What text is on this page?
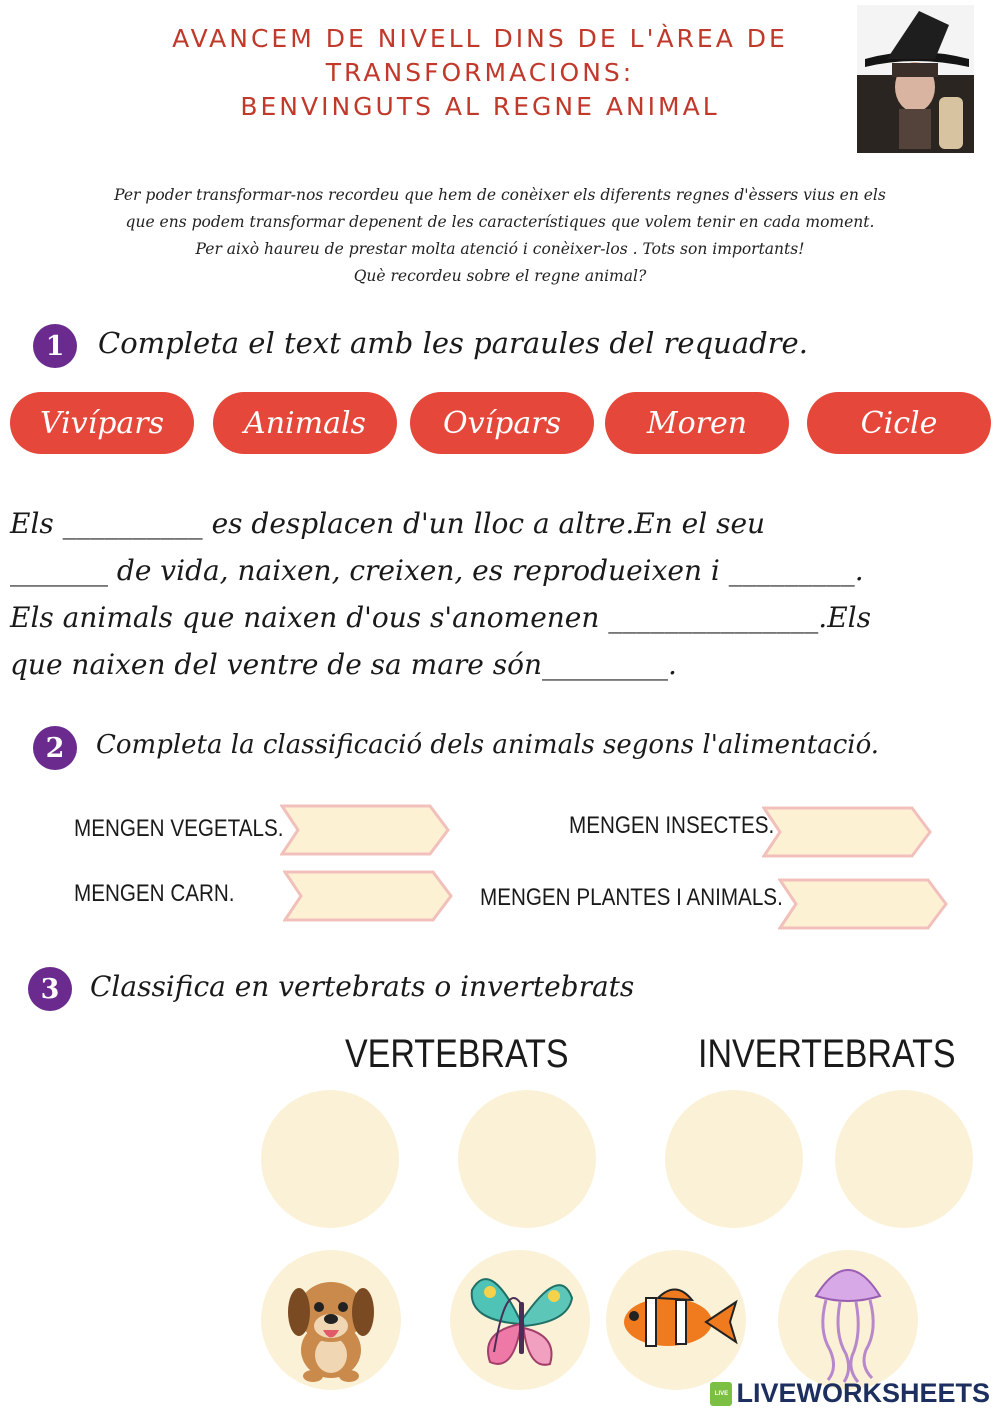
AVANCEM DE NIVELL DINS DE L'ÀREA DE
TRANSFORMACIONS:
BENVINGUTS AL REGNE ANIMAL
Per poder transformar-nos recordeu que hem de conèixer els diferents regnes d'èssers vius en els
que ens podem transformar depenent de les característiques que volem tenir en cada moment.
Per això haureu de prestar molta atenció i conèixer-los . Tots son importants!
Què recordeu sobre el regne animal?
1	Completa el text amb les paraules del requadre.
Vivípars	Animals	Ovípars	Moren	Cicle
Els __________ es desplacen d'un lloc a altre.En el seu
_______ de vida, naixen, creixen, es reprodueixen i _________.
Els animals que naixen d'ous s'anomenen _______________.Els
que naixen del ventre de sa mare són_________.
2	Completa la classificació dels animals segons l'alimentació.
MENGEN VEGETALS.	MENGEN INSECTES.
MENGEN CARN.	MENGEN PLANTES I ANIMALS.
3	Classifica en vertebrats o invertebrats
VERTEBRATS	INVERTEBRATS
LIVE LIVEWORKSHEETS
